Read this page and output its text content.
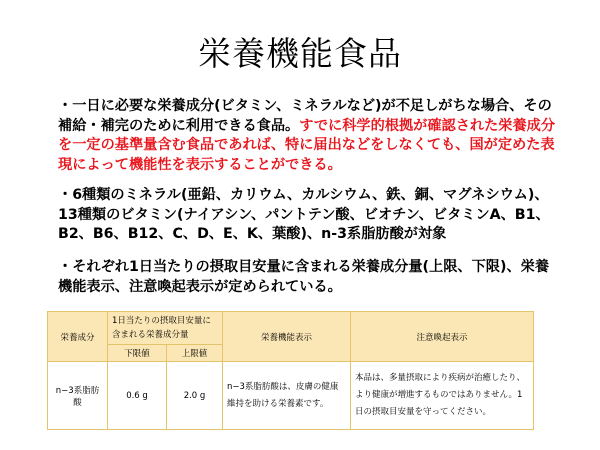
栄養機能食品
・一日に必要な栄養成分(ビタミン、ミネラルなど)が不足しがちな場合、その補給・補完のために利用できる食品。すでに科学的根拠が確認された栄養成分を一定の基準量含む食品であれば、特に届出などをしなくても、国が定めた表現によって機能性を表示することができる。
・6種類のミネラル(亜鉛、カリウム、カルシウム、鉄、銅、マグネシウム)、13種類のビタミン(ナイアシン、パントテン酸、ビオチン、ビタミンA、B1、B2、B6、B12、C、D、E、K、葉酸)、n-3系脂肪酸が対象
・それぞれ1日当たりの摂取目安量に含まれる栄養成分量(上限、下限)、栄養機能表示、注意喚起表示が定められている。
栄養成分	1日当たりの摂取目安量に含まれる栄養成分量		栄養機能表示	注意喚起表示
	下限値	上限値		
n−3系脂肪酸	0.6 g	2.0 g	n−3系脂肪酸は、皮膚の健康維持を助ける栄養素です。	本品は、多量摂取により疾病が治癒したり、より健康が増進するものではありません。1日の摂取目安量を守ってください。
